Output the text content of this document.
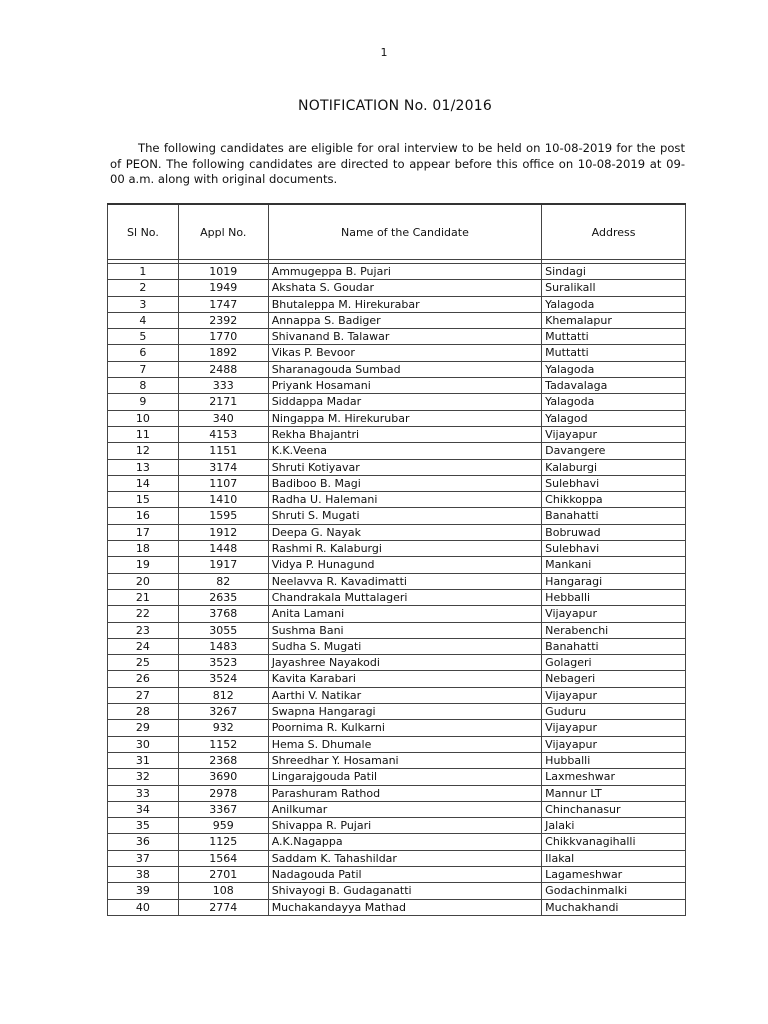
1
NOTIFICATION No. 01/2016
The following candidates are eligible for oral interview to be held on 10-08-2019 for the post of PEON. The following candidates are directed to appear before this office on 10-08-2019 at 09-00 a.m. along with original documents.
Sl No.	Appl No.	Name of the Candidate	Address

1	1019	Ammugeppa B. Pujari	Sindagi
2	1949	Akshata S. Goudar	Suralikall
3	1747	Bhutaleppa M. Hirekurabar	Yalagoda
4	2392	Annappa S. Badiger	Khemalapur
5	1770	Shivanand B. Talawar	Muttatti
6	1892	Vikas P. Bevoor	Muttatti
7	2488	Sharanagouda Sumbad	Yalagoda
8	333	Priyank Hosamani	Tadavalaga
9	2171	Siddappa Madar	Yalagoda
10	340	Ningappa M. Hirekurubar	Yalagod
11	4153	Rekha Bhajantri	Vijayapur
12	1151	K.K.Veena	Davangere
13	3174	Shruti Kotiyavar	Kalaburgi
14	1107	Badiboo B. Magi	Sulebhavi
15	1410	Radha U. Halemani	Chikkoppa
16	1595	Shruti S. Mugati	Banahatti
17	1912	Deepa G. Nayak	Bobruwad
18	1448	Rashmi R. Kalaburgi	Sulebhavi
19	1917	Vidya P. Hunagund	Mankani
20	82	Neelavva R. Kavadimatti	Hangaragi
21	2635	Chandrakala Muttalageri	Hebballi
22	3768	Anita Lamani	Vijayapur
23	3055	Sushma Bani	Nerabenchi
24	1483	Sudha S. Mugati	Banahatti
25	3523	Jayashree Nayakodi	Golageri
26	3524	Kavita Karabari	Nebageri
27	812	Aarthi V. Natikar	Vijayapur
28	3267	Swapna Hangaragi	Guduru
29	932	Poornima R. Kulkarni	Vijayapur
30	1152	Hema S. Dhumale	Vijayapur
31	2368	Shreedhar Y. Hosamani	Hubballi
32	3690	Lingarajgouda Patil	Laxmeshwar
33	2978	Parashuram Rathod	Mannur LT
34	3367	Anilkumar	Chinchanasur
35	959	Shivappa R. Pujari	Jalaki
36	1125	A.K.Nagappa	Chikkvanagihalli
37	1564	Saddam K. Tahashildar	Ilakal
38	2701	Nadagouda Patil	Lagameshwar
39	108	Shivayogi B. Gudaganatti	Godachinmalki
40	2774	Muchakandayya Mathad	Muchakhandi
